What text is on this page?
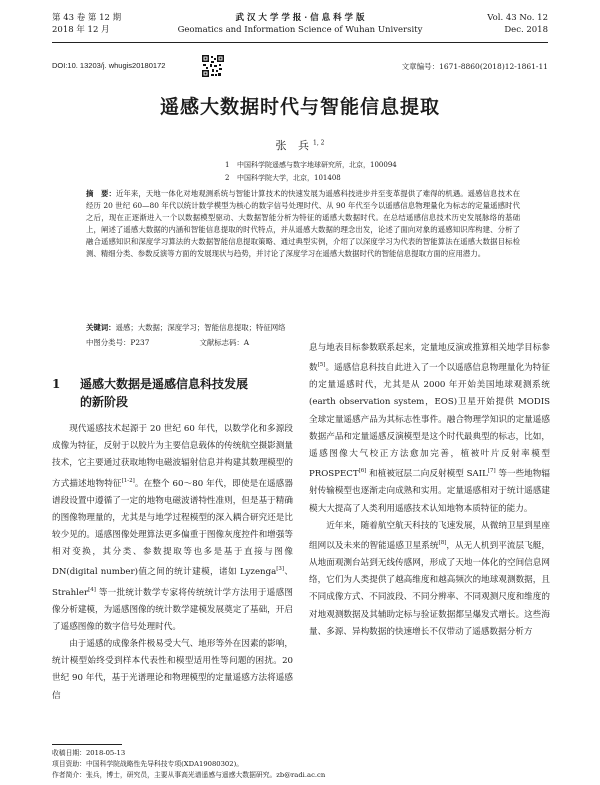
第 43 卷 第 12 期
2018 年 12 月
武 汉 大 学 学 报 · 信 息 科 学 版
Geomatics and Information Science of Wuhan University
Vol. 43 No. 12
Dec. 2018
DOI:10. 13203/j. whugis20180172	文章编号：1671-8860(2018)12-1861-11
遥感大数据时代与智能信息提取
张 兵$^{1, 2}$
1 中国科学院遥感与数字地球研究所，北京，100094
2 中国科学院大学，北京，101408
摘　要：近年来，天地一体化对地观测系统与智能计算技术的快速发展为遥感科技进步并至变革提供了难得的机遇。遥感信息技术在经历 20 世纪 60—80 年代以统计数学模型为核心的数字信号处理时代、从 90 年代至今以遥感信息物理量化为标志的定量遥感时代之后，现在正逐渐进入一个以数据模型驱动、大数据智能分析为特征的遥感大数据时代。在总结遥感信息技术历史发展脉络的基础上，阐述了遥感大数据的内涵和智能信息提取的时代特点，并从遥感大数据的理念出发，论述了面向对象的遥感知识库构建、分析了融合遥感知识和深度学习算法的大数据智能信息提取策略、通过典型实例，介绍了以深度学习为代表的智能算法在遥感大数据目标检测、精细分类、参数反演等方面的发展现状与趋势，并讨论了深度学习在遥感大数据时代的智能信息提取方面的应用潜力。
关键词：遥感；大数据；深度学习；智能信息提取；特征网络
中图分类号：P237	文献标志码：A
1 遥感大数据是遥感信息科技发展
的新阶段

现代遥感技术起源于 20 世纪 60 年代，以数学化和多源段成像为特征，反射于以胶片为主要信息载体的传统航空摄影测量技术，它主要通过获取地物电磁波辐射信息并构建其数理模型的方式描述地物特征[1-2]。在整个 60～80 年代，即使是在遥感器谱段设置中遵循了一定的地物电磁波谱特性准则，但是基于精确的图像物理量的，尤其是与地学过程模型的深入耦合研究还是比较少见的。遥感图像处理算法更多偏重于图像灰度控件和增强等相对变换，其分类、参数提取等也多是基于直接与图像 DN(digital number)值之间的统计建模，诸如 Lyzenga[3]、Strahler[4] 等一批统计数学专家将传统统计学方法用于遥感图像分析建模，为遥感图像的统计数学建模发展奠定了基础，开启了遥感图像的数字信号处理时代。

由于遥感的成像条件极易受大气、地形等外在因素的影响，统计模型始终受到样本代表性和模型适用性等问题的困扰。20 世纪 90 年代，基于光谱理论和物理模型的定量遥感方法将遥感信

息与地表目标参数联系起来，定量地反演或推算相关地学目标参数[5]。遥感信息科技自此进入了一个以遥感信息物理量化为特征的定量遥感时代，尤其是从 2000 年开始美国地球观测系统(earth observation system，EOS)卫星开始提供 MODIS 全球定量遥感产品为其标志性事件。融合物理学知识的定量遥感数据产品和定量遥感反演模型是这个时代最典型的标志，比如，遥感图像大气校正方法愈加完善，植被叶片反射率模型 PROSPECT[6] 和植被冠层二向反射模型 SAIL[7] 等一些地物辐射传输模型也逐渐走向成熟和实用。定量遥感相对于统计遥感建模大大提高了人类利用遥感技术认知地物本质特征的能力。

近年来，随着航空航天科技的飞速发展，从微纳卫星到星座组网以及未来的智能遥感卫星系统[8]，从无人机到平流层飞艇，从地面观测台站到无线传感网，形成了天地一体化的空间信息网络，它们为人类提供了越高维度和越高频次的地球观测数据，且不同成像方式、不同波段、不同分辨率、不同观测尺度和维度的对地观测数据及其辅助定标与验证数据都呈爆发式增长。这些海量、多源、异构数据的快速增长不仅带动了遥感数据分析方

收稿日期：2018-05-13
项目资助：中国科学院战略性先导科技专项(XDA19080302)。
作者简介：张兵，博士，研究员，主要从事高光谱遥感与遥感大数据研究。zb@radi.ac.cn
